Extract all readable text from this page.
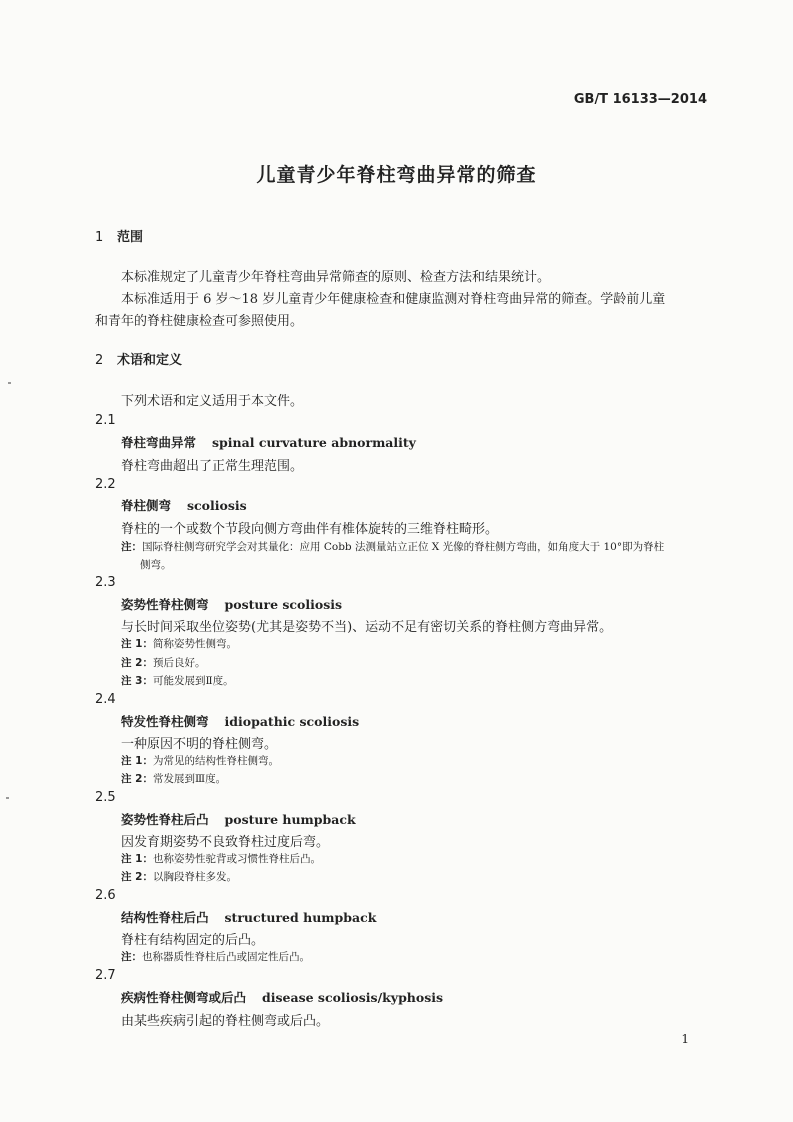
GB/T 16133—2014
儿童青少年脊柱弯曲异常的筛查
1 范围
本标准规定了儿童青少年脊柱弯曲异常筛查的原则、检查方法和结果统计。
本标准适用于 6 岁～18 岁儿童青少年健康检查和健康监测对脊柱弯曲异常的筛查。学龄前儿童
和青年的脊柱健康检查可参照使用。
2 术语和定义
下列术语和定义适用于本文件。
2.1
脊柱弯曲异常 spinal curvature abnormality
脊柱弯曲超出了正常生理范围。
2.2
脊柱侧弯 scoliosis
脊柱的一个或数个节段向侧方弯曲伴有椎体旋转的三维脊柱畸形。
注：国际脊柱侧弯研究学会对其量化：应用 Cobb 法测量站立正位 X 光像的脊柱侧方弯曲，如角度大于 10°即为脊柱
侧弯。
2.3
姿势性脊柱侧弯 posture scoliosis
与长时间采取坐位姿势(尤其是姿势不当)、运动不足有密切关系的脊柱侧方弯曲异常。
注 1：简称姿势性侧弯。
注 2：预后良好。
注 3：可能发展到Ⅱ度。
2.4
特发性脊柱侧弯 idiopathic scoliosis
一种原因不明的脊柱侧弯。
注 1：为常见的结构性脊柱侧弯。
注 2：常发展到Ⅲ度。
2.5
姿势性脊柱后凸 posture humpback
因发育期姿势不良致脊柱过度后弯。
注 1：也称姿势性驼背或习惯性脊柱后凸。
注 2：以胸段脊柱多发。
2.6
结构性脊柱后凸 structured humpback
脊柱有结构固定的后凸。
注：也称器质性脊柱后凸或固定性后凸。
2.7
疾病性脊柱侧弯或后凸 disease scoliosis/kyphosis
由某些疾病引起的脊柱侧弯或后凸。
1
